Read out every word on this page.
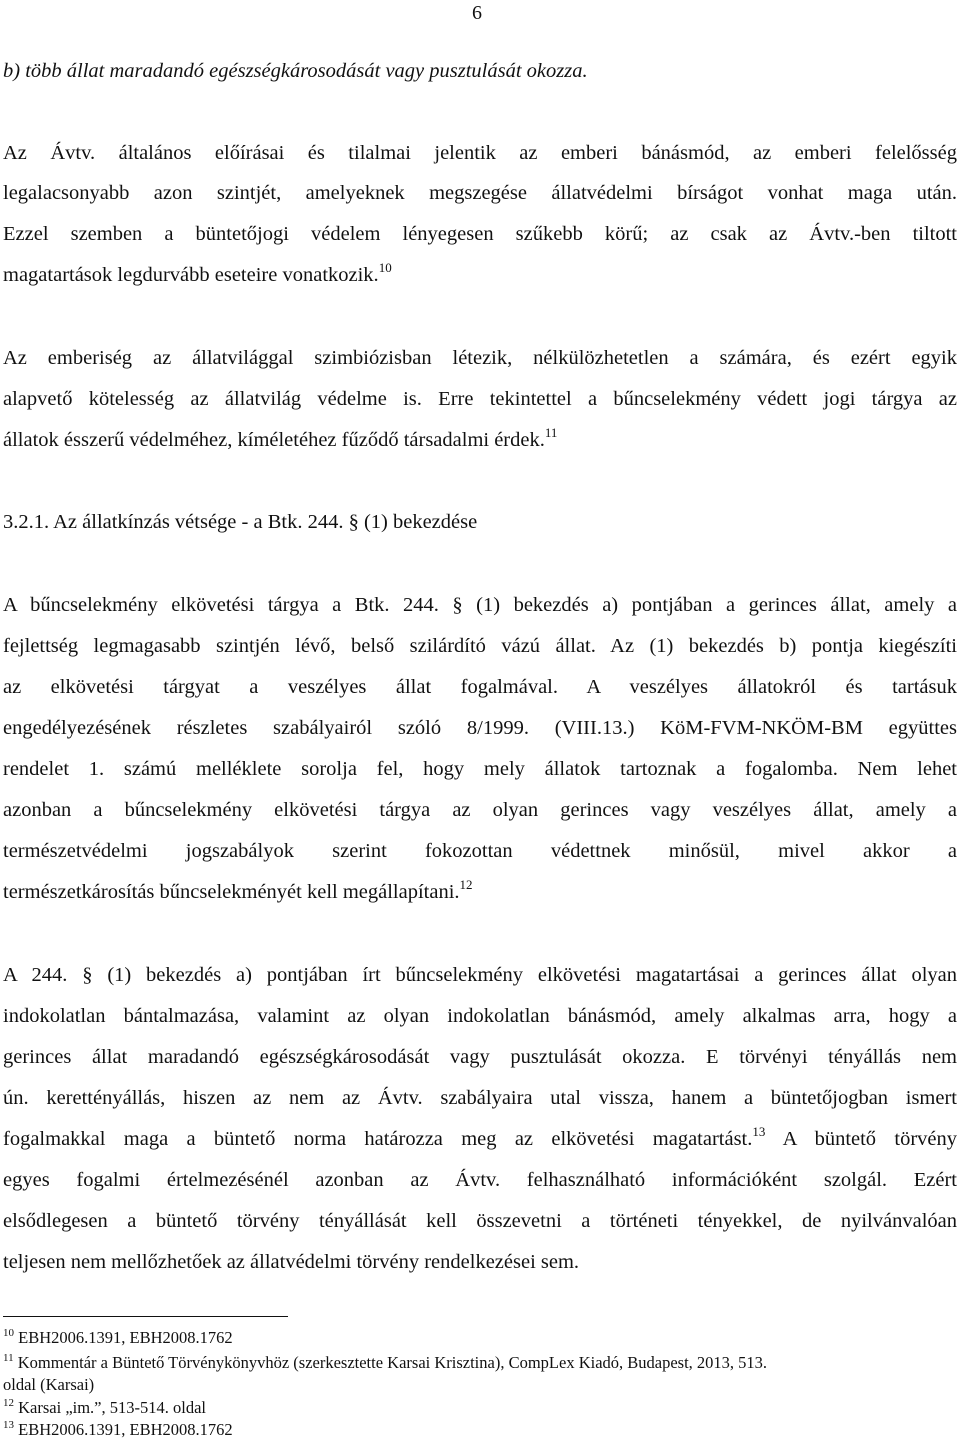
6
b) több állat maradandó egészségkárosodását vagy pusztulását okozza.
Az Ávtv. általános előírásai és tilalmai jelentik az emberi bánásmód, az emberi felelősség
legalacsonyabb azon szintjét, amelyeknek megszegése állatvédelmi bírságot vonhat maga után.
Ezzel szemben a büntetőjogi védelem lényegesen szűkebb körű; az csak az Ávtv.-ben tiltott
magatartások legdurvább eseteire vonatkozik.$^{10}$
Az emberiség az állatvilággal szimbiózisban létezik, nélkülözhetetlen a számára, és ezért egyik
alapvető kötelesség az állatvilág védelme is. Erre tekintettel a bűncselekmény védett jogi tárgya az
állatok ésszerű védelméhez, kíméletéhez fűződő társadalmi érdek.$^{11}$
3.2.1. Az állatkínzás vétsége - a Btk. 244. § (1) bekezdése
A bűncselekmény elkövetési tárgya a Btk. 244. § (1) bekezdés a) pontjában a gerinces állat, amely a
fejlettség legmagasabb szintjén lévő, belső szilárdító vázú állat. Az (1) bekezdés b) pontja kiegészíti
az elkövetési tárgyat a veszélyes állat fogalmával. A veszélyes állatokról és tartásuk
engedélyezésének részletes szabályairól szóló 8/1999. (VIII.13.) KöM-FVM-NKÖM-BM együttes
rendelet 1. számú melléklete sorolja fel, hogy mely állatok tartoznak a fogalomba. Nem lehet
azonban a bűncselekmény elkövetési tárgya az olyan gerinces vagy veszélyes állat, amely a
természetvédelmi jogszabályok szerint fokozottan védettnek minősül, mivel akkor a
természetkárosítás bűncselekményét kell megállapítani.$^{12}$
A 244. § (1) bekezdés a) pontjában írt bűncselekmény elkövetési magatartásai a gerinces állat olyan
indokolatlan bántalmazása, valamint az olyan indokolatlan bánásmód, amely alkalmas arra, hogy a
gerinces állat maradandó egészségkárosodását vagy pusztulását okozza. E törvényi tényállás nem
ún. kerettényállás, hiszen az nem az Ávtv. szabályaira utal vissza, hanem a büntetőjogban ismert
fogalmakkal maga a büntető norma határozza meg az elkövetési magatartást.$^{13}$ A büntető törvény
egyes fogalmi értelmezésénél azonban az Ávtv. felhasználható információként szolgál. Ezért
elsődlegesen a büntető törvény tényállását kell összevetni a történeti tényekkel, de nyilvánvalóan
teljesen nem mellőzhetőek az állatvédelmi törvény rendelkezései sem.
$^{10}$ EBH2006.1391, EBH2008.1762
$^{11}$ Kommentár a Büntető Törvénykönyvhöz (szerkesztette Karsai Krisztina), CompLex Kiadó, Budapest, 2013, 513.
oldal (Karsai)
$^{12}$ Karsai „im.”, 513-514. oldal
$^{13}$ EBH2006.1391, EBH2008.1762
